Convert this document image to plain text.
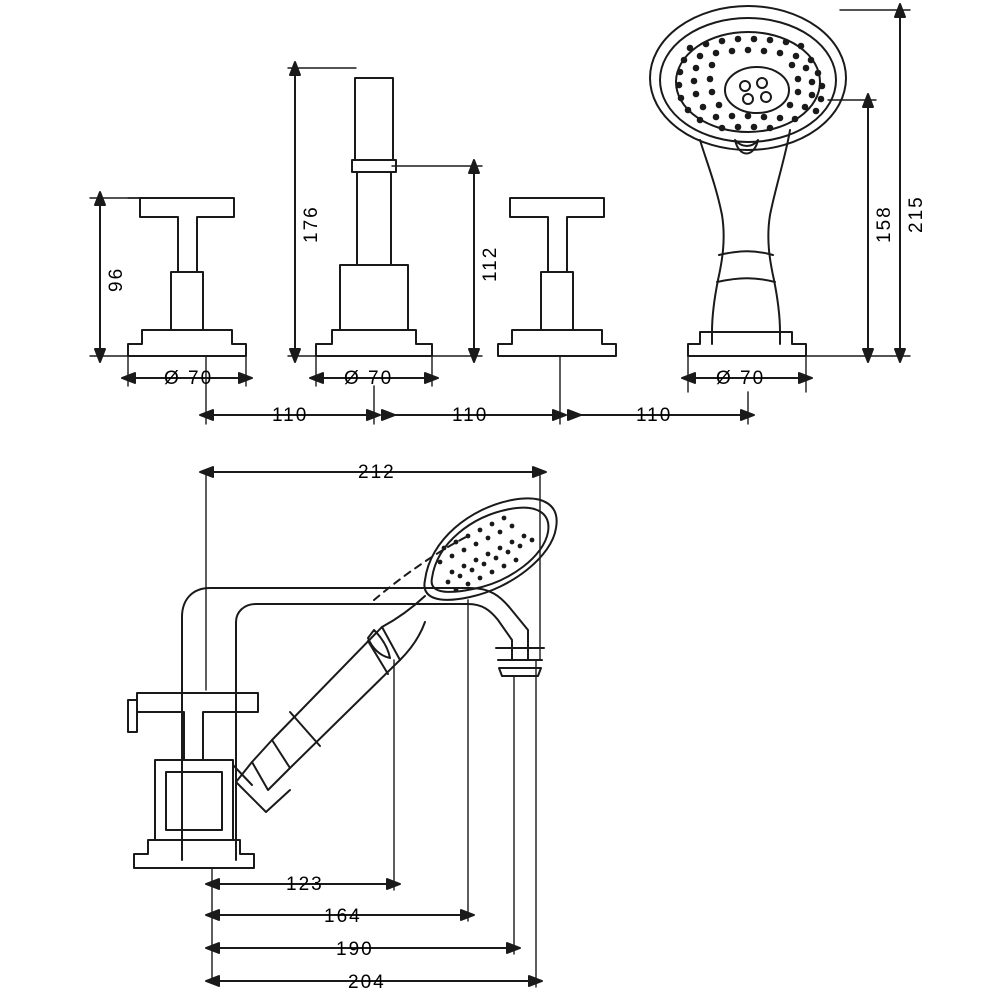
96
176
112
158 215
Ø 70	Ø 70	Ø 70
110	110	110
212
123
164
190
204
